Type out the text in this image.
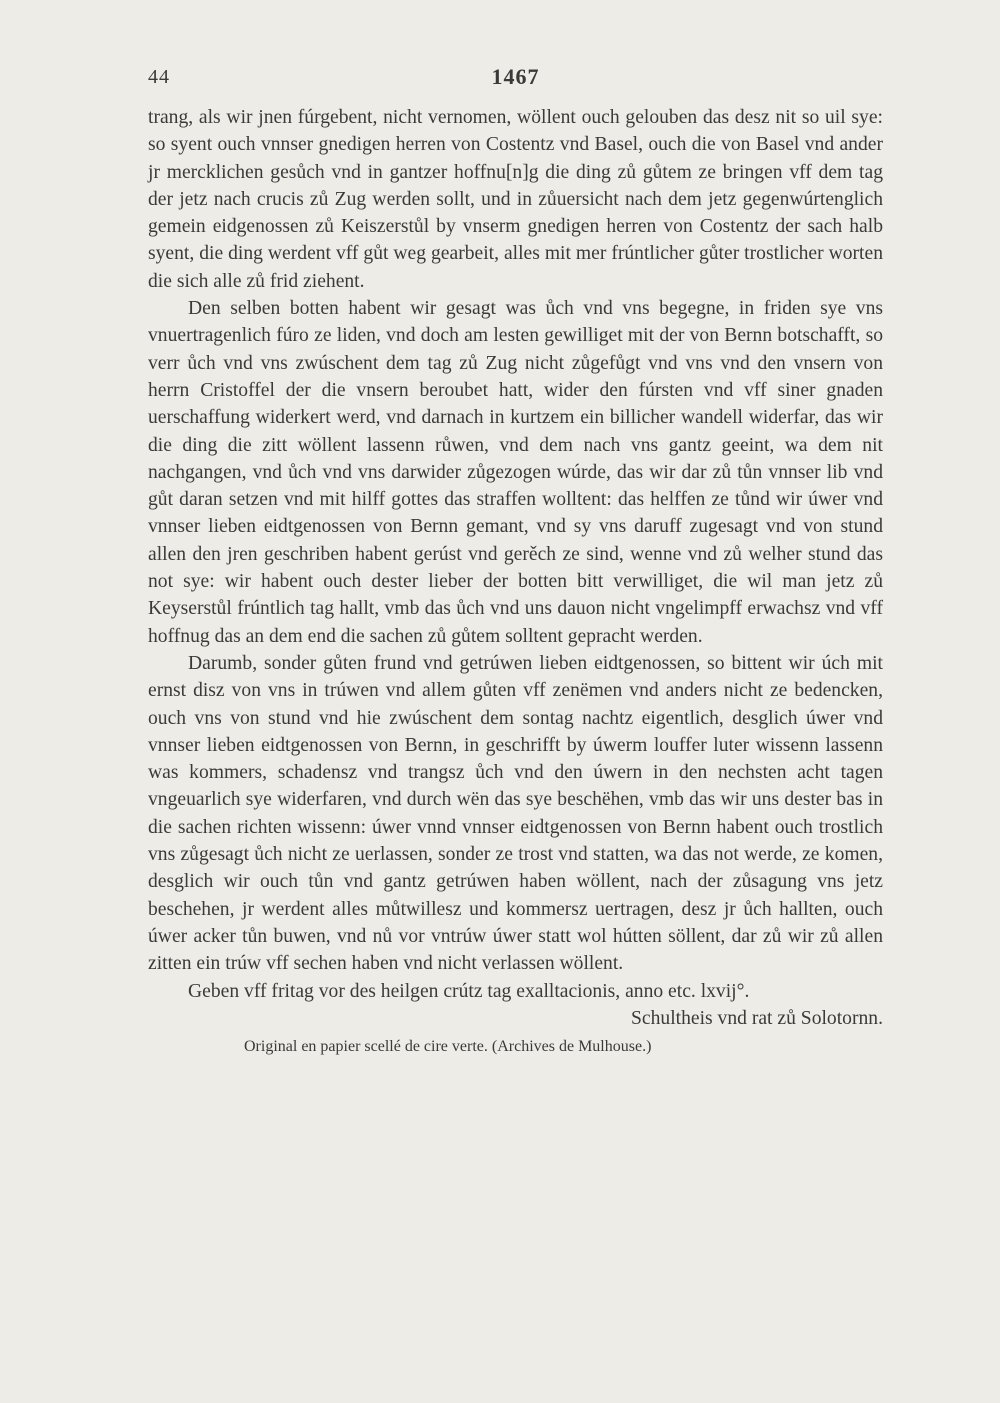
44	1467

trang, als wir jnen fúrgebent, nicht vernomen, wöllent ouch gelouben das desz nit so uil sye: so syent ouch vnnser gnedigen herren von Costentz vnd Basel, ouch die von Basel vnd ander jr mercklichen gesůch vnd in gantzer hoffnu[n]g die ding zů gůtem ze bringen vff dem tag der jetz nach crucis zů Zug werden sollt, und in zůuersicht nach dem jetz gegenwúrtenglich gemein eidgenossen zů Keiszerstůl by vnserm gnedigen herren von Costentz der sach halb syent, die ding werdent vff gůt weg gearbeit, alles mit mer frúntlicher gůter trostlicher worten die sich alle zů frid ziehent.

Den selben botten habent wir gesagt was ůch vnd vns begegne, in friden sye vns vnuertragenlich fúro ze liden, vnd doch am lesten gewilliget mit der von Bernn botschafft, so verr ůch vnd vns zwúschent dem tag zů Zug nicht zůgefůgt vnd vns vnd den vnsern von herrn Cristoffel der die vnsern beroubet hatt, wider den fúrsten vnd vff siner gnaden uerschaffung widerkert werd, vnd darnach in kurtzem ein billicher wandell widerfar, das wir die ding die zitt wöllent lassenn růwen, vnd dem nach vns gantz geeint, wa dem nit nachgangen, vnd ůch vnd vns darwider zůgezogen wúrde, das wir dar zů tůn vnnser lib vnd gůt daran setzen vnd mit hilff gottes das straffen wolltent: das helffen ze tůnd wir úwer vnd vnnser lieben eidtgenossen von Bernn gemant, vnd sy vns daruff zugesagt vnd von stund allen den jren geschriben habent gerúst vnd gerěch ze sind, wenne vnd zů welher stund das not sye: wir habent ouch dester lieber der botten bitt verwilliget, die wil man jetz zů Keyserstůl frúntlich tag hallt, vmb das ůch vnd uns dauon nicht vngelimpff erwachsz vnd vff hoffnug das an dem end die sachen zů gůtem solltent gepracht werden.

Darumb, sonder gůten frund vnd getrúwen lieben eidtgenossen, so bittent wir úch mit ernst disz von vns in trúwen vnd allem gůten vff zenëmen vnd anders nicht ze bedencken, ouch vns von stund vnd hie zwúschent dem sontag nachtz eigentlich, desglich úwer vnd vnnser lieben eidtgenossen von Bernn, in geschrifft by úwerm louffer luter wissenn lassenn was kommers, schadensz vnd trangsz ůch vnd den úwern in den nechsten acht tagen vngeuarlich sye widerfaren, vnd durch wën das sye beschëhen, vmb das wir uns dester bas in die sachen richten wissenn: úwer vnnd vnnser eidtgenossen von Bernn habent ouch trostlich vns zůgesagt ůch nicht ze uerlassen, sonder ze trost vnd statten, wa das not werde, ze komen, desglich wir ouch tůn vnd gantz getrúwen haben wöllent, nach der zůsagung vns jetz beschehen, jr werdent alles můtwillesz und kommersz uertragen, desz jr ůch hallten, ouch úwer acker tůn buwen, vnd nů vor vntrúw úwer statt wol hútten söllent, dar zů wir zů allen zitten ein trúw vff sechen haben vnd nicht verlassen wöllent.

Geben vff fritag vor des heilgen crútz tag exalltacionis, anno etc. lxvij°.

Schultheis vnd rat zů Solotornn.

Original en papier scellé de cire verte. (Archives de Mulhouse.)
